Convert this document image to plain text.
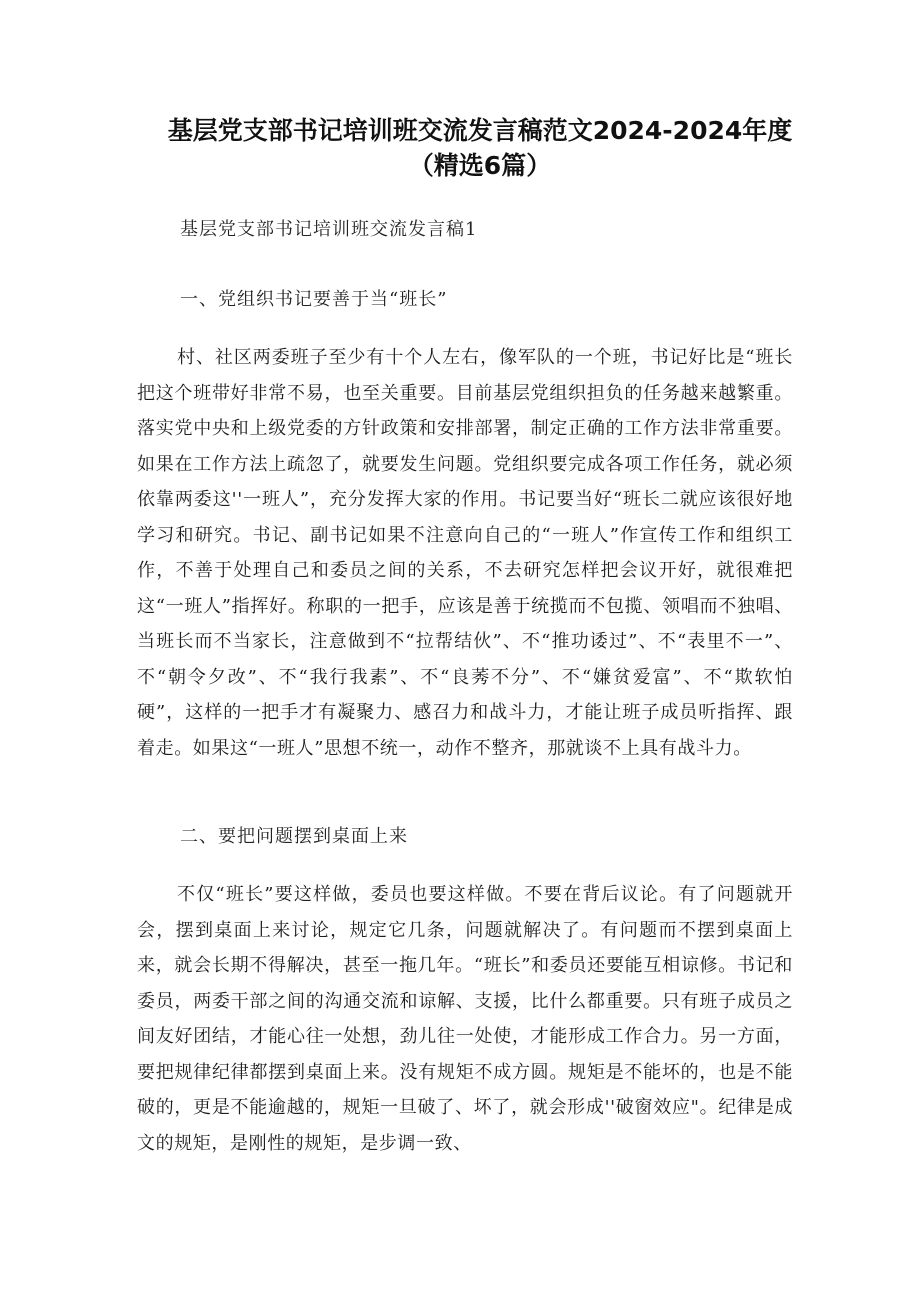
基层党支部书记培训班交流发言稿范文2024-2024年度
（精选6篇）
基层党支部书记培训班交流发言稿1
一、党组织书记要善于当“班长”

村、社区两委班子至少有十个人左右，像军队的一个班，书记好比是“班长把这个班带好非常不易，也至关重要。目前基层党组织担负的任务越来越繁重。落实党中央和上级党委的方针政策和安排部署，制定正确的工作方法非常重要。如果在工作方法上疏忽了，就要发生问题。党组织要完成各项工作任务，就必须依靠两委这''一班人”，充分发挥大家的作用。书记要当好“班长二就应该很好地学习和研究。书记、副书记如果不注意向自己的“一班人”作宣传工作和组织工作，不善于处理自己和委员之间的关系，不去研究怎样把会议开好，就很难把这“一班人”指挥好。称职的一把手，应该是善于统揽而不包揽、领唱而不独唱、当班长而不当家长，注意做到不“拉帮结伙”、不“推功诿过”、不“表里不一”、不“朝令夕改”、不“我行我素”、不“良莠不分”、不“嫌贫爱富”、不“欺软怕硬”，这样的一把手才有凝聚力、感召力和战斗力，才能让班子成员听指挥、跟着走。如果这“一班人”思想不统一，动作不整齐，那就谈不上具有战斗力。

二、要把问题摆到桌面上来

不仅“班长”要这样做，委员也要这样做。不要在背后议论。有了问题就开会，摆到桌面上来讨论，规定它几条，问题就解决了。有问题而不摆到桌面上来，就会长期不得解决，甚至一拖几年。“班长”和委员还要能互相谅修。书记和委员，两委干部之间的沟通交流和谅解、支援，比什么都重要。只有班子成员之间友好团结，才能心往一处想，劲儿往一处使，才能形成工作合力。另一方面，要把规律纪律都摆到桌面上来。没有规矩不成方圆。规矩是不能坏的，也是不能破的，更是不能逾越的，规矩一旦破了、坏了，就会形成''破窗效应"。纪律是成文的规矩，是刚性的规矩，是步调一致、
